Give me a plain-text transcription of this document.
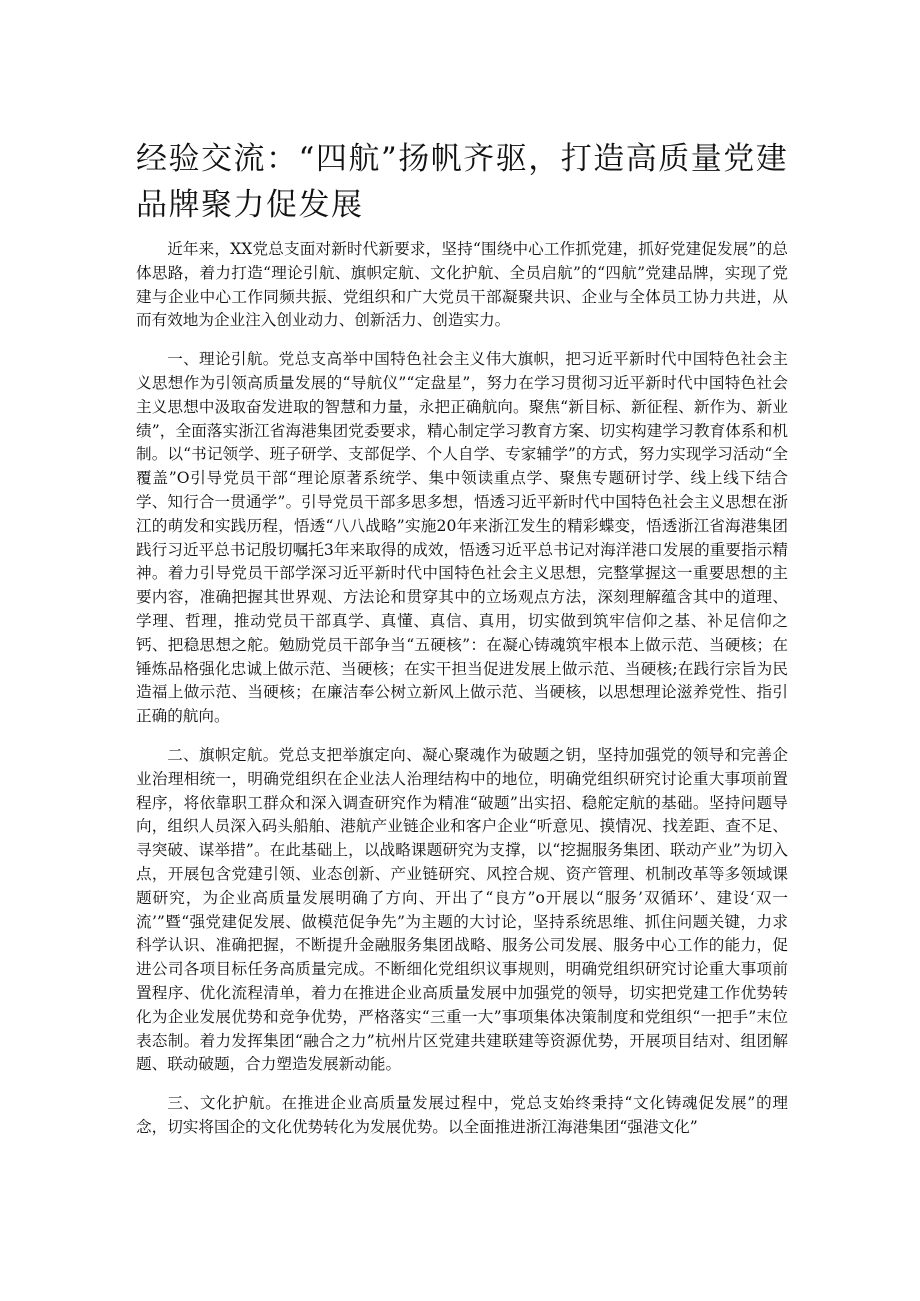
经验交流：“四航”扬帆齐驱，打造高质量党建品牌聚力促发展

近年来，XX党总支面对新时代新要求，坚持“围绕中心工作抓党建，抓好党建促发展”的总体思路，着力打造“理论引航、旗帜定航、文化护航、全员启航”的“四航”党建品牌，实现了党建与企业中心工作同频共振、党组织和广大党员干部凝聚共识、企业与全体员工协力共进，从而有效地为企业注入创业动力、创新活力、创造实力。

一、理论引航。党总支高举中国特色社会主义伟大旗帜，把习近平新时代中国特色社会主义思想作为引领高质量发展的“导航仪”“定盘星”，努力在学习贯彻习近平新时代中国特色社会主义思想中汲取奋发进取的智慧和力量，永把正确航向。聚焦“新目标、新征程、新作为、新业绩”，全面落实浙江省海港集团党委要求，精心制定学习教育方案、切实构建学习教育体系和机制。以“书记领学、班子研学、支部促学、个人自学、专家辅学”的方式，努力实现学习活动“全覆盖”O引导党员干部“理论原著系统学、集中领读重点学、聚焦专题研讨学、线上线下结合学、知行合一贯通学”。引导党员干部多思多想，悟透习近平新时代中国特色社会主义思想在浙江的萌发和实践历程，悟透“八八战略”实施20年来浙江发生的精彩蝶变，悟透浙江省海港集团践行习近平总书记殷切嘱托3年来取得的成效，悟透习近平总书记对海洋港口发展的重要指示精神。着力引导党员干部学深习近平新时代中国特色社会主义思想，完整掌握这一重要思想的主要内容，准确把握其世界观、方法论和贯穿其中的立场观点方法，深刻理解蕴含其中的道理、学理、哲理，推动党员干部真学、真懂、真信、真用，切实做到筑牢信仰之基、补足信仰之钙、把稳思想之舵。勉励党员干部争当“五硬核”：在凝心铸魂筑牢根本上做示范、当硬核；在锤炼品格强化忠诚上做示范、当硬核；在实干担当促进发展上做示范、当硬核;在践行宗旨为民造福上做示范、当硬核；在廉洁奉公树立新风上做示范、当硬核，以思想理论滋养党性、指引正确的航向。

二、旗帜定航。党总支把举旗定向、凝心聚魂作为破题之钥，坚持加强党的领导和完善企业治理相统一，明确党组织在企业法人治理结构中的地位，明确党组织研究讨论重大事项前置程序，将依靠职工群众和深入调查研究作为精准“破题”出实招、稳舵定航的基础。坚持问题导向，组织人员深入码头船舶、港航产业链企业和客户企业“听意见、摸情况、找差距、查不足、寻突破、谋举措”。在此基础上，以战略课题研究为支撑，以“挖掘服务集团、联动产业”为切入点，开展包含党建引领、业态创新、产业链研究、风控合规、资产管理、机制改革等多领域课题研究，为企业高质量发展明确了方向、开出了“良方”o开展以“服务’双循环’、建设‘双一流’”暨“强党建促发展、做模范促争先”为主题的大讨论，坚持系统思维、抓住问题关键，力求科学认识、准确把握，不断提升金融服务集团战略、服务公司发展、服务中心工作的能力，促进公司各项目标任务高质量完成。不断细化党组织议事规则，明确党组织研究讨论重大事项前置程序、优化流程清单，着力在推进企业高质量发展中加强党的领导，切实把党建工作优势转化为企业发展优势和竞争优势，严格落实“三重一大”事项集体决策制度和党组织“一把手”末位表态制。着力发挥集团“融合之力”杭州片区党建共建联建等资源优势，开展项目结对、组团解题、联动破题，合力塑造发展新动能。

三、文化护航。在推进企业高质量发展过程中，党总支始终秉持“文化铸魂促发展”的理念，切实将国企的文化优势转化为发展优势。以全面推进浙江海港集团“强港文化”
